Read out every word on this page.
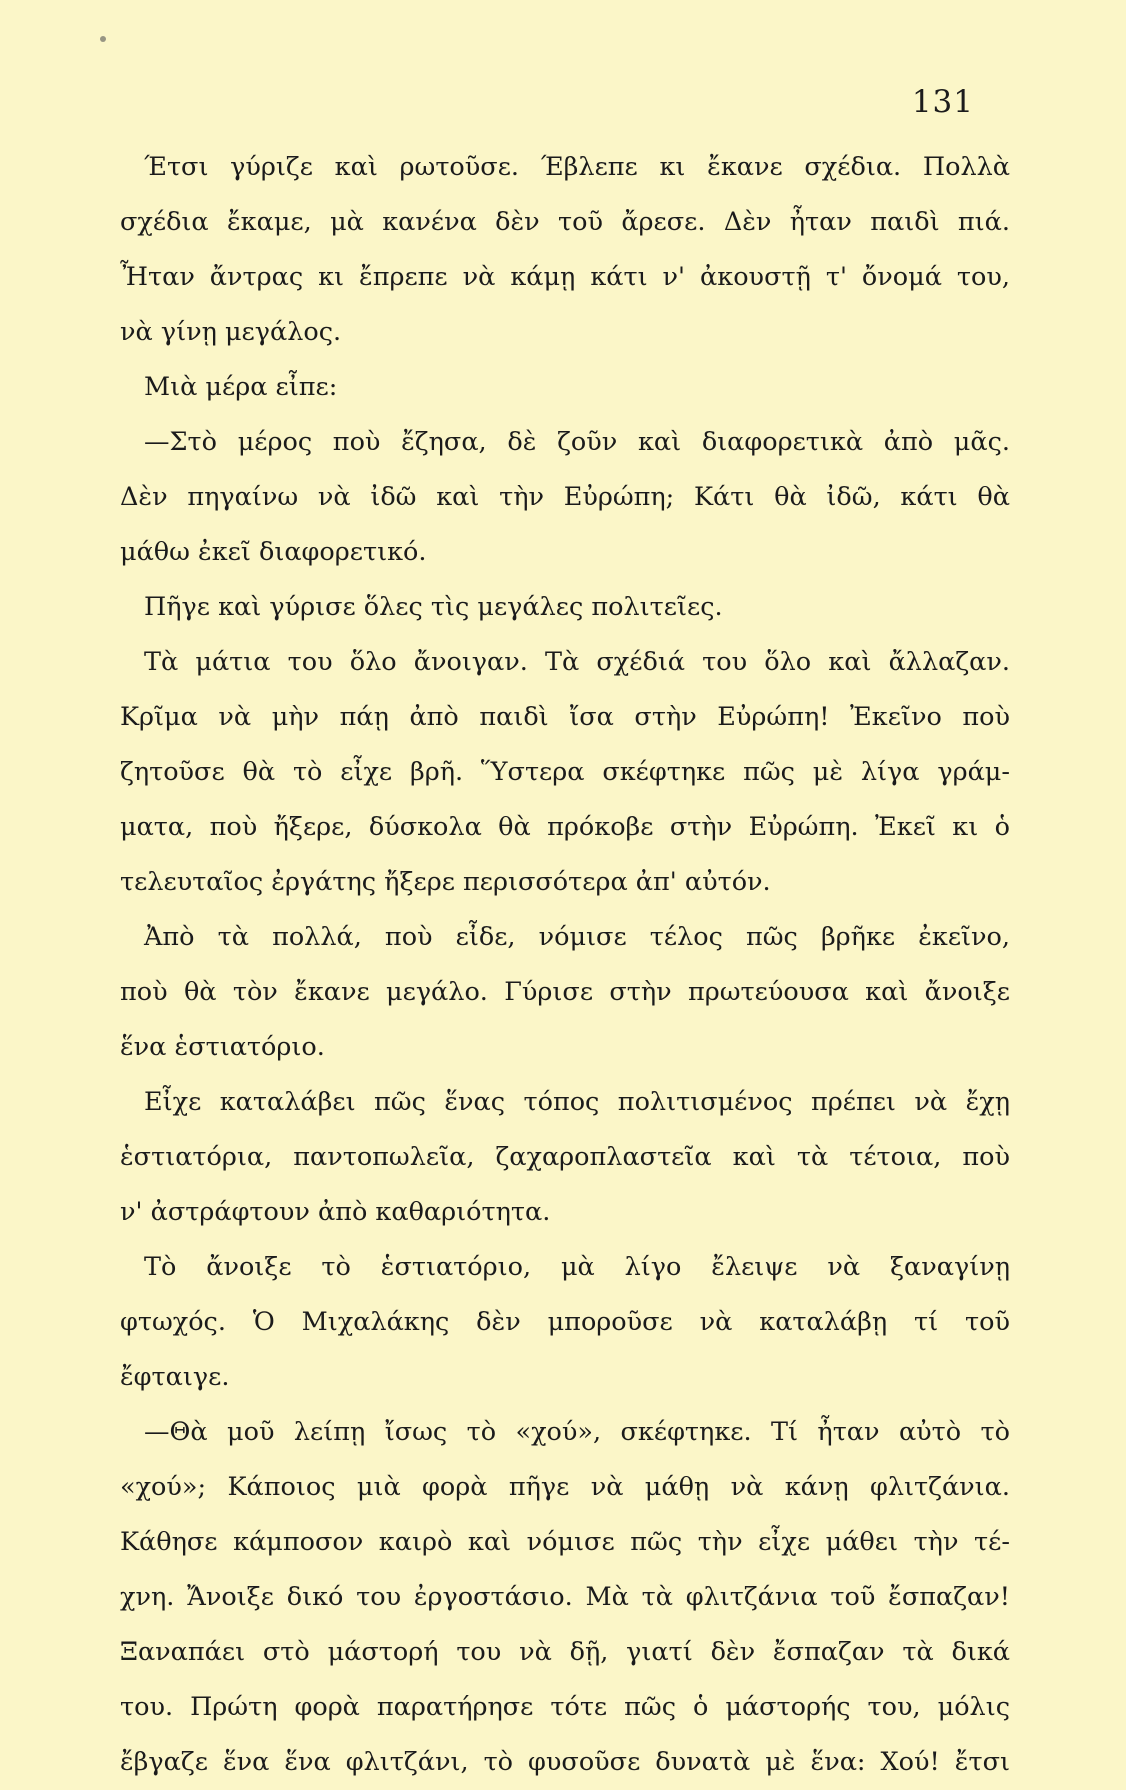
131
Έτσι γύριζε καὶ ρωτοῦσε. Έβλεπε κι ἔκανε σχέδια. Πολλὰ
σχέδια ἔκαμε, μὰ κανένα δὲν τοῦ ἄρεσε. Δὲν ἦταν παιδὶ πιά.
Ἦταν ἄντρας κι ἔπρεπε νὰ κάμῃ κάτι ν' ἀκουστῇ τ' ὄνομά του,
νὰ γίνῃ μεγάλος.
Μιὰ μέρα εἶπε:
—Στὸ μέρος ποὺ ἔζησα, δὲ ζοῦν καὶ διαφορετικὰ ἀπὸ μᾶς.
Δὲν πηγαίνω νὰ ἰδῶ καὶ τὴν Εὐρώπη; Κάτι θὰ ἰδῶ, κάτι θὰ
μάθω ἐκεῖ διαφορετικό.
Πῆγε καὶ γύρισε ὅλες τὶς μεγάλες πολιτεῖες.
Τὰ μάτια του ὅλο ἄνοιγαν. Τὰ σχέδιά του ὅλο καὶ ἄλλαζαν.
Κρῖμα νὰ μὴν πάῃ ἀπὸ παιδὶ ἴσα στὴν Εὐρώπη! Ἐκεῖνο ποὺ
ζητοῦσε θὰ τὸ εἶχε βρῆ. Ὕστερα σκέφτηκε πῶς μὲ λίγα γράμ-
ματα, ποὺ ἤξερε, δύσκολα θὰ πρόκοβε στὴν Εὐρώπη. Ἐκεῖ κι ὁ
τελευταῖος ἐργάτης ἤξερε περισσότερα ἀπ' αὐτόν.
Ἀπὸ τὰ πολλά, ποὺ εἶδε, νόμισε τέλος πῶς βρῆκε ἐκεῖνο,
ποὺ θὰ τὸν ἔκανε μεγάλο. Γύρισε στὴν πρωτεύουσα καὶ ἄνοιξε
ἕνα ἑστιατόριο.
Εἶχε καταλάβει πῶς ἕνας τόπος πολιτισμένος πρέπει νὰ ἔχῃ
ἑστιατόρια, παντοπωλεῖα, ζαχαροπλαστεῖα καὶ τὰ τέτοια, ποὺ
ν' ἀστράφτουν ἀπὸ καθαριότητα.
Τὸ ἄνοιξε τὸ ἑστιατόριο, μὰ λίγο ἔλειψε νὰ ξαναγίνῃ
φτωχός. Ὁ Μιχαλάκης δὲν μποροῦσε νὰ καταλάβῃ τί τοῦ
ἔφταιγε.
—Θὰ μοῦ λείπῃ ἴσως τὸ «χού», σκέφτηκε. Τί ἦταν αὐτὸ τὸ
«χού»; Κάποιος μιὰ φορὰ πῆγε νὰ μάθῃ νὰ κάνῃ φλιτζάνια.
Κάθησε κάμποσον καιρὸ καὶ νόμισε πῶς τὴν εἶχε μάθει τὴν τέ-
χνη. Ἄνοιξε δικό του ἐργοστάσιο. Μὰ τὰ φλιτζάνια τοῦ ἔσπαζαν!
Ξαναπάει στὸ μάστορή του νὰ δῇ, γιατί δὲν ἔσπαζαν τὰ δικά
του. Πρώτη φορὰ παρατήρησε τότε πῶς ὁ μάστορής του, μόλις
ἔβγαζε ἕνα ἕνα φλιτζάνι, τὸ φυσοῦσε δυνατὰ μὲ ἕνα: Χού! ἔτσι
